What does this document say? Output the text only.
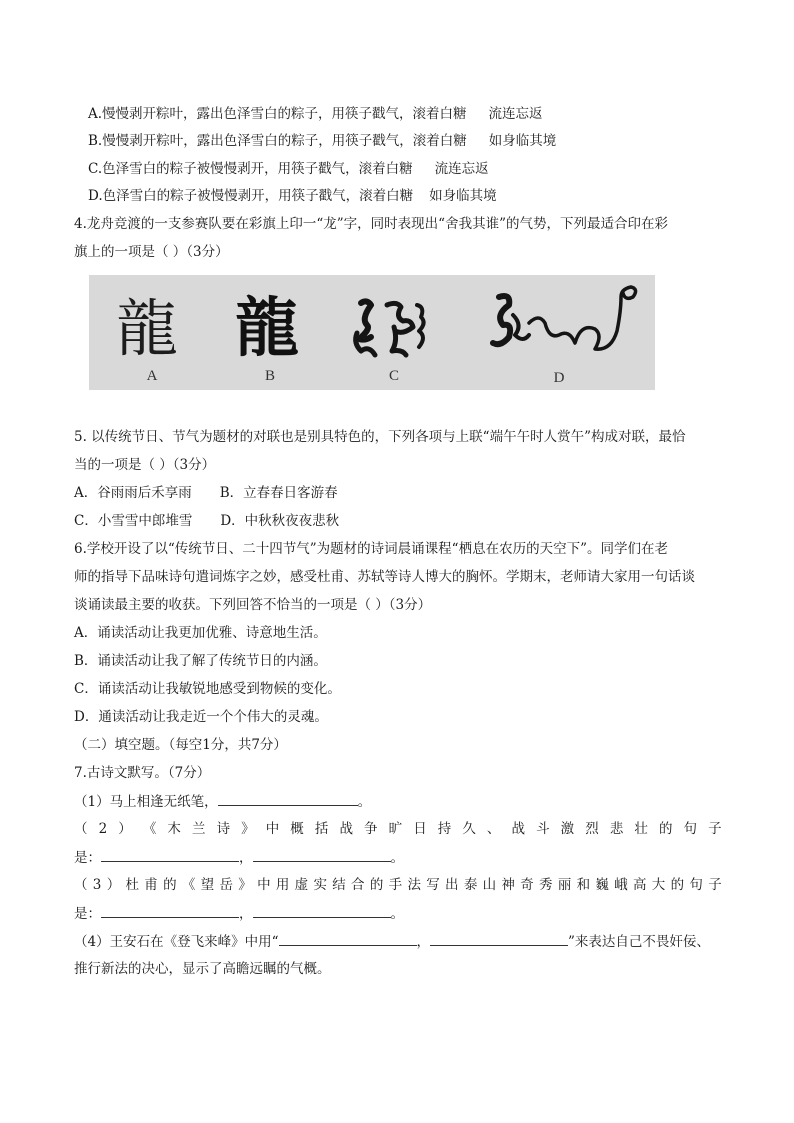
A.慢慢剥开粽叶，露出色泽雪白的粽子，用筷子戳气，滚着白糖 流连忘返
B.慢慢剥开粽叶，露出色泽雪白的粽子，用筷子戳气，滚着白糖 如身临其境
C.色泽雪白的粽子被慢慢剥开，用筷子戳气，滚着白糖 流连忘返
D.色泽雪白的粽子被慢慢剥开，用筷子戳气，滚着白糖 如身临其境
4.龙舟竞渡的一支参赛队要在彩旗上印一“龙”字，同时表现出“舍我其谁”的气势，下列最适合印在彩
旗上的一项是（ ）（3分）
龍 龍
A	B	C	D
5. 以传统节日、节气为题材的对联也是别具特色的，下列各项与上联“端午午时人赏午”构成对联，最恰
当的一项是（ ）（3分）
A．谷雨雨后禾享雨 B．立春春日客游春
C．小雪雪中郎堆雪 D．中秋秋夜夜悲秋
6.学校开设了以“传统节日、二十四节气”为题材的诗词晨诵课程“栖息在农历的天空下”。同学们在老
师的指导下品味诗句遣词炼字之妙，感受杜甫、苏轼等诗人博大的胸怀。学期末，老师请大家用一句话谈
谈诵读最主要的收获。下列回答不恰当的一项是（ ）（3分）
A．诵读活动让我更加优雅、诗意地生活。
B．诵读活动让我了解了传统节日的内涵。
C．诵读活动让我敏锐地感受到物候的变化。
D．通读活动让我走近一个个伟大的灵魂。
（二）填空题。（每空1分，共7分）
7.古诗文默写。（7分）
（1）马上相逢无纸笔，	。
（ 2 ） 《 木 兰 诗 》 中 概 括 战 争 旷 日 持 久 、 战 斗 激 烈 悲 壮 的 句 子
是：	，	。
（ 3 ） 杜 甫 的 《 望 岳 》 中 用 虚 实 结 合 的 手 法 写 出 泰 山 神 奇 秀 丽 和 巍 峨 高 大 的 句 子
是：	，	。
（4）王安石在《登飞来峰》中用“	，	”来表达自己不畏奸佞、
推行新法的决心，显示了高瞻远瞩的气概。
